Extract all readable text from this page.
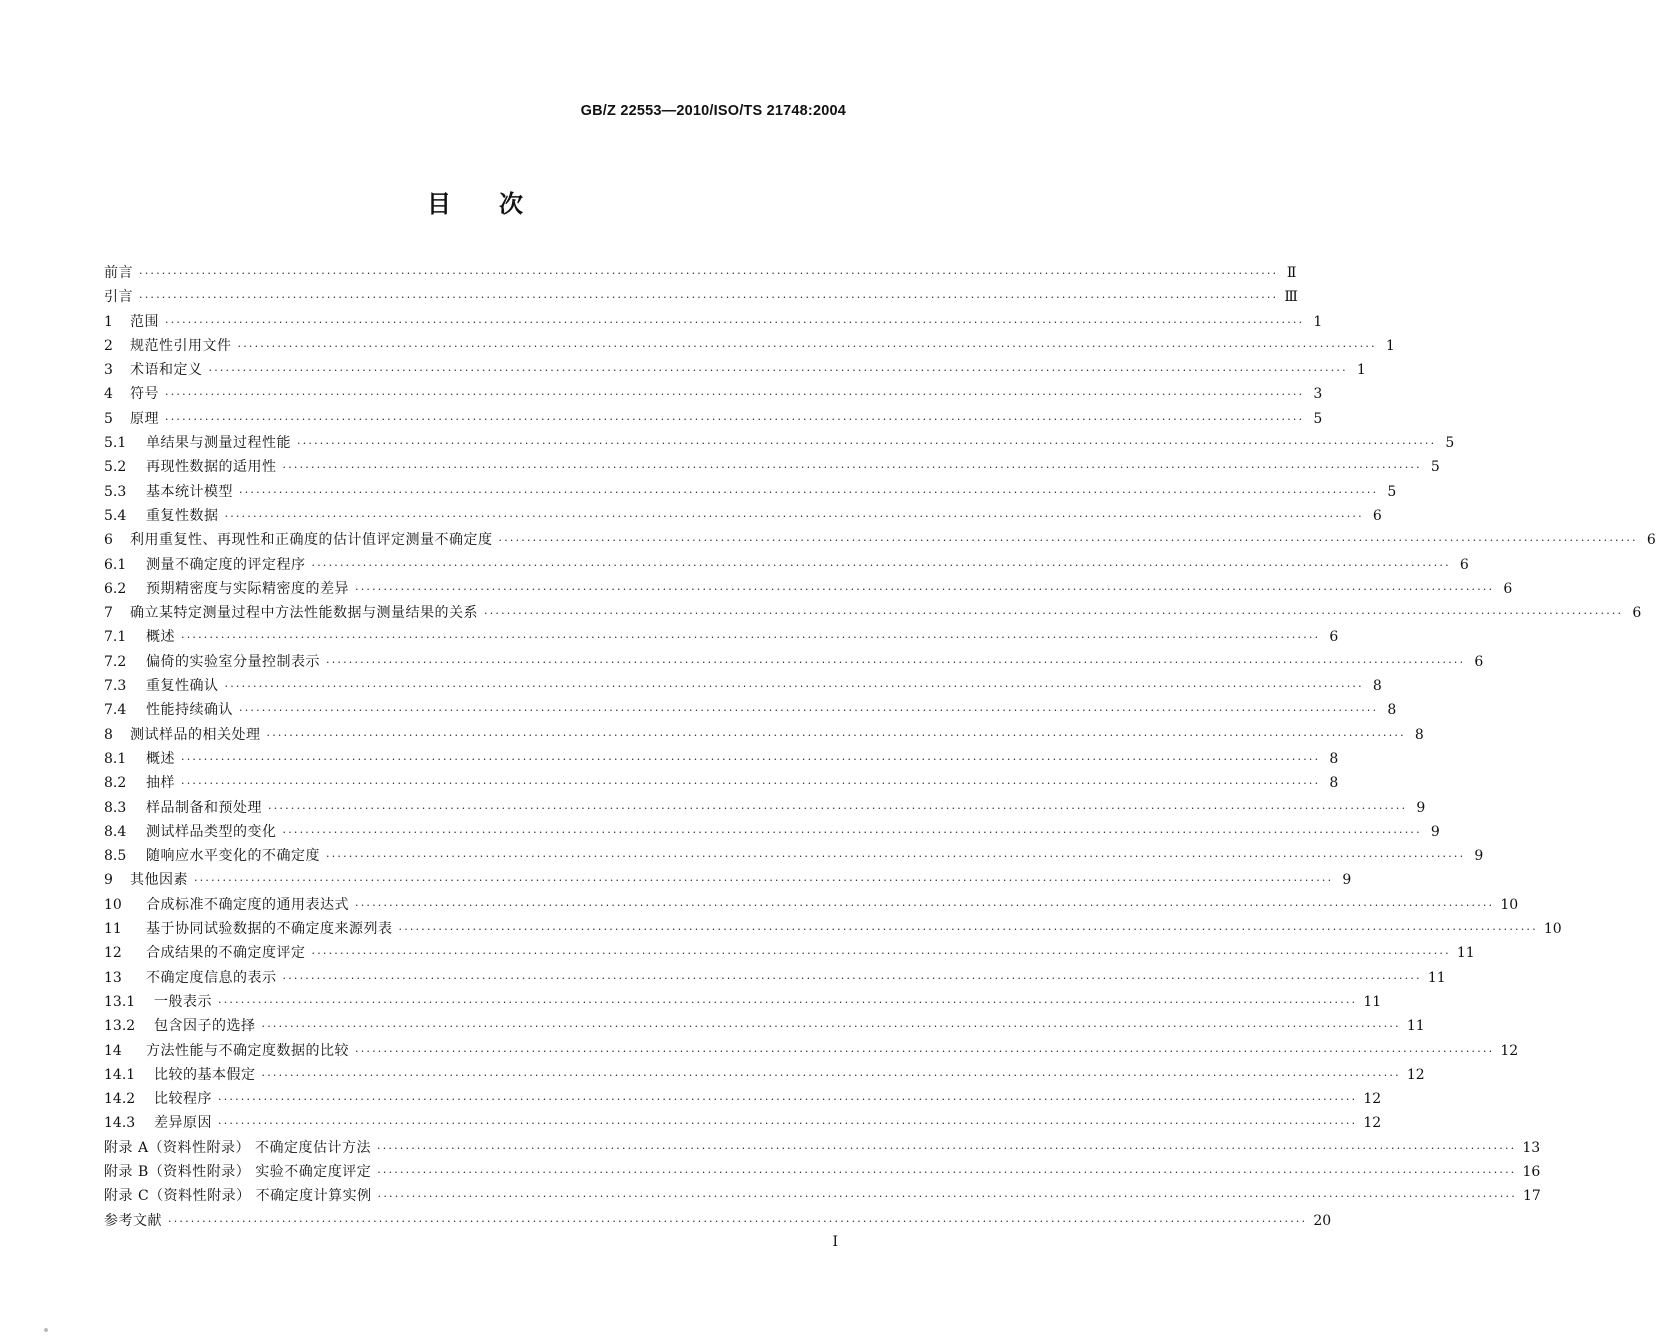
GB/Z 22553—2010/ISO/TS 21748:2004
目 次
前言 ········································································································································································································ Ⅱ
引言 ········································································································································································································ Ⅲ
1	范围 ········································································································································································································ 1
2	规范性引用文件 ········································································································································································································ 1
3	术语和定义 ········································································································································································································ 1
4	符号 ········································································································································································································ 3
5	原理 ········································································································································································································ 5
5.1	单结果与测量过程性能 ········································································································································································································ 5
5.2	再现性数据的适用性 ········································································································································································································ 5
5.3	基本统计模型 ········································································································································································································ 5
5.4	重复性数据 ········································································································································································································ 6
6	利用重复性、再现性和正确度的估计值评定测量不确定度 ········································································································································································································ 6
6.1	测量不确定度的评定程序 ········································································································································································································ 6
6.2	预期精密度与实际精密度的差异 ········································································································································································································ 6
7	确立某特定测量过程中方法性能数据与测量结果的关系 ········································································································································································································ 6
7.1	概述 ········································································································································································································ 6
7.2	偏倚的实验室分量控制表示 ········································································································································································································ 6
7.3	重复性确认 ········································································································································································································ 8
7.4	性能持续确认 ········································································································································································································ 8
8	测试样品的相关处理 ········································································································································································································ 8
8.1	概述 ········································································································································································································ 8
8.2	抽样 ········································································································································································································ 8
8.3	样品制备和预处理 ········································································································································································································ 9
8.4	测试样品类型的变化 ········································································································································································································ 9
8.5	随响应水平变化的不确定度 ········································································································································································································ 9
9	其他因素 ········································································································································································································ 9
10	合成标准不确定度的通用表达式 ········································································································································································································ 10
11	基于协同试验数据的不确定度来源列表 ········································································································································································································ 10
12	合成结果的不确定度评定 ········································································································································································································ 11
13	不确定度信息的表示 ········································································································································································································ 11
13.1	一般表示 ········································································································································································································ 11
13.2	包含因子的选择 ········································································································································································································ 11
14	方法性能与不确定度数据的比较 ········································································································································································································ 12
14.1	比较的基本假定 ········································································································································································································ 12
14.2	比较程序 ········································································································································································································ 12
14.3	差异原因 ········································································································································································································ 12
附录 A（资料性附录） 不确定度估计方法 ········································································································································································································ 13
附录 B（资料性附录） 实验不确定度评定 ········································································································································································································ 16
附录 C（资料性附录） 不确定度计算实例 ········································································································································································································ 17
参考文献 ········································································································································································································ 20
I
